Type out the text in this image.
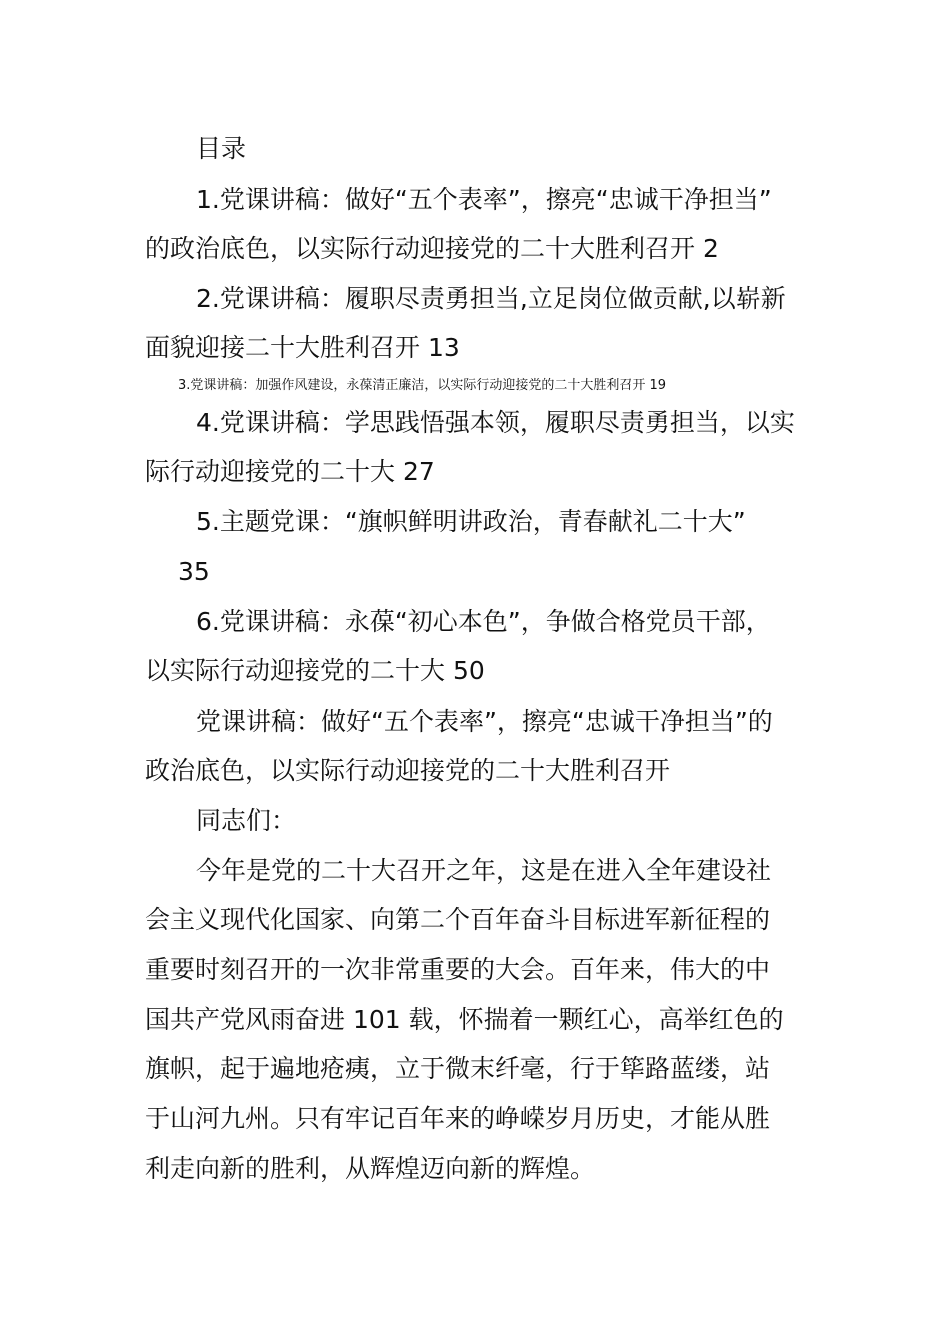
目录
1.党课讲稿：做好“五个表率”，擦亮“忠诚干净担当”
的政治底色，以实际行动迎接党的二十大胜利召开 2
2.党课讲稿：履职尽责勇担当,立足岗位做贡献,以崭新
面貌迎接二十大胜利召开 13
3.党课讲稿：加强作风建设，永葆清正廉洁，以实际行动迎接党的二十大胜利召开 19
4.党课讲稿：学思践悟强本领，履职尽责勇担当，以实
际行动迎接党的二十大 27
5.主题党课：“旗帜鲜明讲政治，青春献礼二十大”
35
6.党课讲稿：永葆“初心本色”，争做合格党员干部，
以实际行动迎接党的二十大 50
党课讲稿：做好“五个表率”，擦亮“忠诚干净担当”的
政治底色，以实际行动迎接党的二十大胜利召开
同志们：
今年是党的二十大召开之年，这是在进入全年建设社
会主义现代化国家、向第二个百年奋斗目标进军新征程的
重要时刻召开的一次非常重要的大会。百年来，伟大的中
国共产党风雨奋进 101 载，怀揣着一颗红心，高举红色的
旗帜，起于遍地疮痍，立于微末纤毫，行于筚路蓝缕，站
于山河九州。只有牢记百年来的峥嵘岁月历史，才能从胜
利走向新的胜利，从辉煌迈向新的辉煌。
